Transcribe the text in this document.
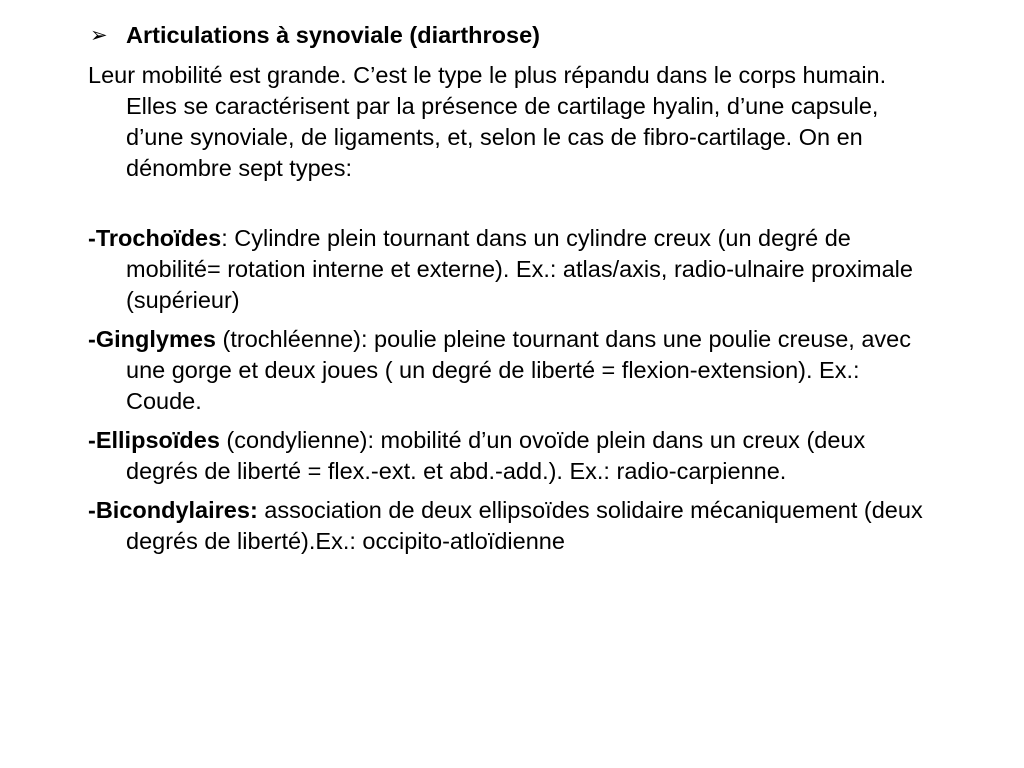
➢ Articulations à synoviale (diarthrose)

Leur mobilité est grande. C’est le type le plus répandu dans le corps humain. Elles se caractérisent par la présence de cartilage hyalin, d’une capsule, d’une synoviale, de ligaments, et, selon le cas de fibro-cartilage. On en dénombre sept types:

-Trochoïdes: Cylindre plein tournant dans un cylindre creux (un degré de mobilité= rotation interne et externe). Ex.: atlas/axis, radio-ulnaire proximale (supérieur)

-Ginglymes (trochléenne): poulie pleine tournant dans une poulie creuse, avec une gorge et deux joues ( un degré de liberté = flexion-extension). Ex.: Coude.

-Ellipsoïdes (condylienne): mobilité d’un ovoïde plein dans un creux (deux degrés de liberté = flex.-ext. et abd.-add.). Ex.: radio-carpienne.

-Bicondylaires: association de deux ellipsoïdes solidaire mécaniquement (deux degrés de liberté).Ex.: occipito-atloïdienne
